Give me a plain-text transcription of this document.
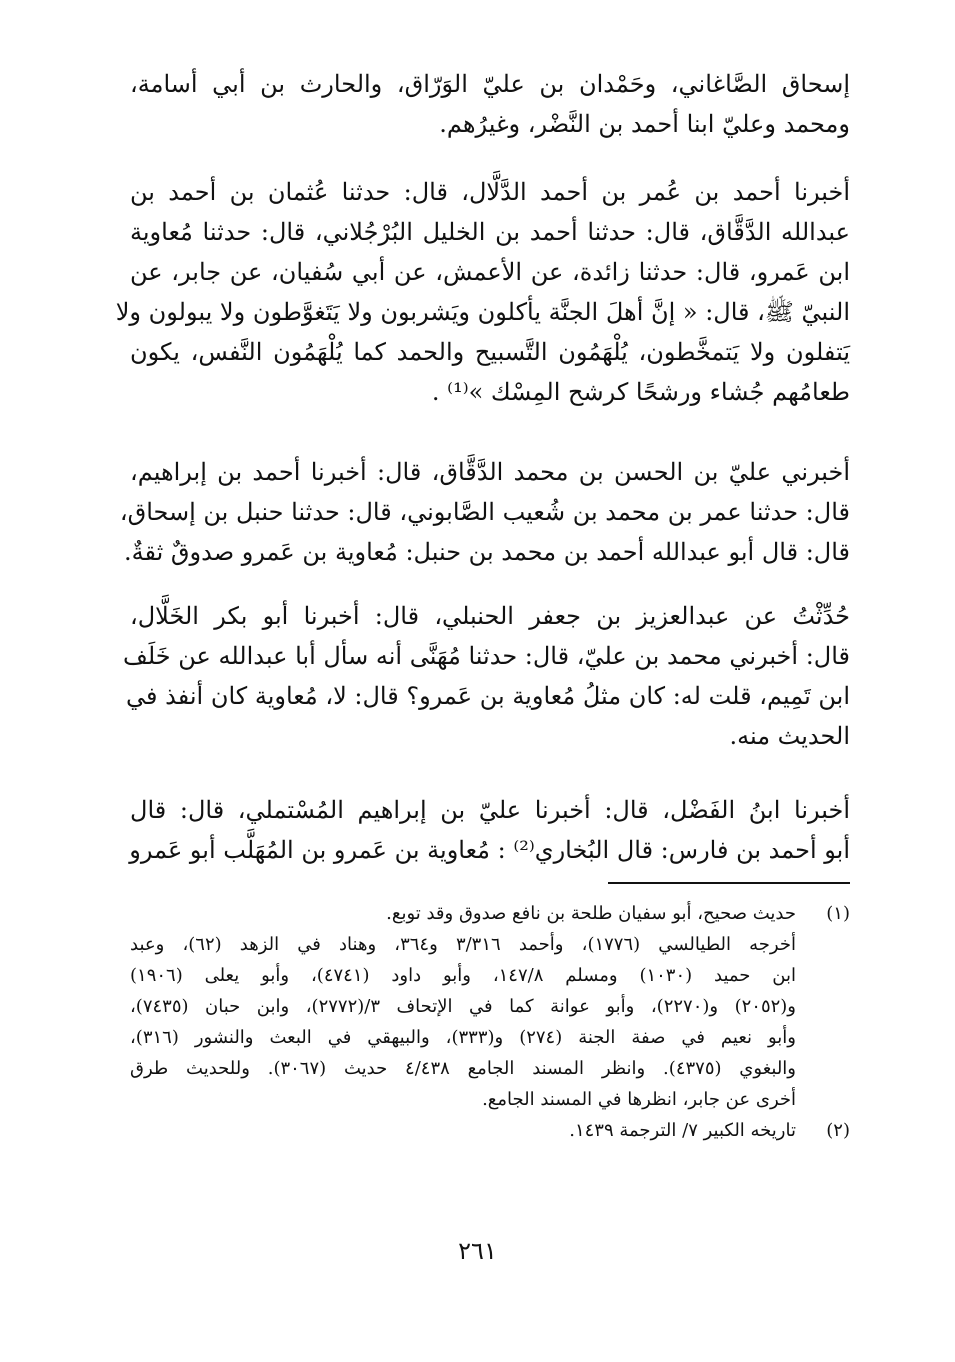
إسحاق الصَّاغاني، وحَمْدان بن عليّ الوَرّاق، والحارث بن أبي أسامة،
ومحمد وعليّ ابنا أحمد بن النَّضْر، وغيرُهم.
أخبرنا أحمد بن عُمر بن أحمد الدَّلَّال، قال: حدثنا عُثمان بن أحمد بن
عبدالله الدَّقَّاق، قال: حدثنا أحمد بن الخليل البُرْجُلاني، قال: حدثنا مُعاوية
ابن عَمرو، قال: حدثنا زائدة، عن الأعمش، عن أبي سُفيان، عن جابر، عن
النبيّ ﷺ، قال: « إنَّ أهلَ الجنَّة يأكلون ويَشربون ولا يَتَغوَّطون ولا يبولون ولا
يَتفلون ولا يَتمخَّطون، يُلْهَمُون التَّسبيح والحمد كما يُلْهَمُون النَّفس، يكون
طعامُهم جُشاء ورشحًا كرشح المِسْك »⁽¹⁾ .
أخبرني عليّ بن الحسن بن محمد الدَّقَّاق، قال: أخبرنا أحمد بن إبراهيم،
قال: حدثنا عمر بن محمد بن شُعيب الصَّابوني، قال: حدثنا حنبل بن إسحاق،
قال: قال أبو عبدالله أحمد بن محمد بن حنبل: مُعاوية بن عَمرو صدوقٌ ثقةٌ.
حُدِّثْتُ عن عبدالعزيز بن جعفر الحنبلي، قال: أخبرنا أبو بكر الخَلَّال،
قال: أخبرني محمد بن عليّ، قال: حدثنا مُهَنَّى أنه سأل أبا عبدالله عن خَلَف
ابن تَمِيم، قلت له: كان مثلُ مُعاوية بن عَمرو؟ قال: لا، مُعاوية كان أنفذ في
الحديث منه.
أخبرنا ابنُ الفَضْل، قال: أخبرنا عليّ بن إبراهيم المُسْتملي، قال: قال
أبو أحمد بن فارس: قال البُخاري⁽²⁾ : مُعاوية بن عَمرو بن المُهَلَّب أبو عَمرو
(١)حديث صحيح، أبو سفيان طلحة بن نافع صدوق وقد توبع.
أخرجه الطيالسي (١٧٧٦)، وأحمد ٣/٣١٦ و٣٦٤، وهناد في الزهد (٦٢)، وعبد
ابن حميد (١٠٣٠) ومسلم ١٤٧/٨، وأبو داود (٤٧٤١)، وأبو يعلى (١٩٠٦)
و(٢٠٥٢) و(٢٢٧٠)، وأبو عوانة كما في الإتحاف ٣/(٢٧٧٢)، وابن حبان (٧٤٣٥)،
وأبو نعيم في صفة الجنة (٢٧٤) و(٣٣٣)، والبيهقي في البعث والنشور (٣١٦)،
والبغوي (٤٣٧٥). وانظر المسند الجامع ٤/٤٣٨ حديث (٣٠٦٧). وللحديث طرق
أخرى عن جابر، انظرها في المسند الجامع.
(٢)تاريخه الكبير ٧/ الترجمة ١٤٣٩.
٢٦١
